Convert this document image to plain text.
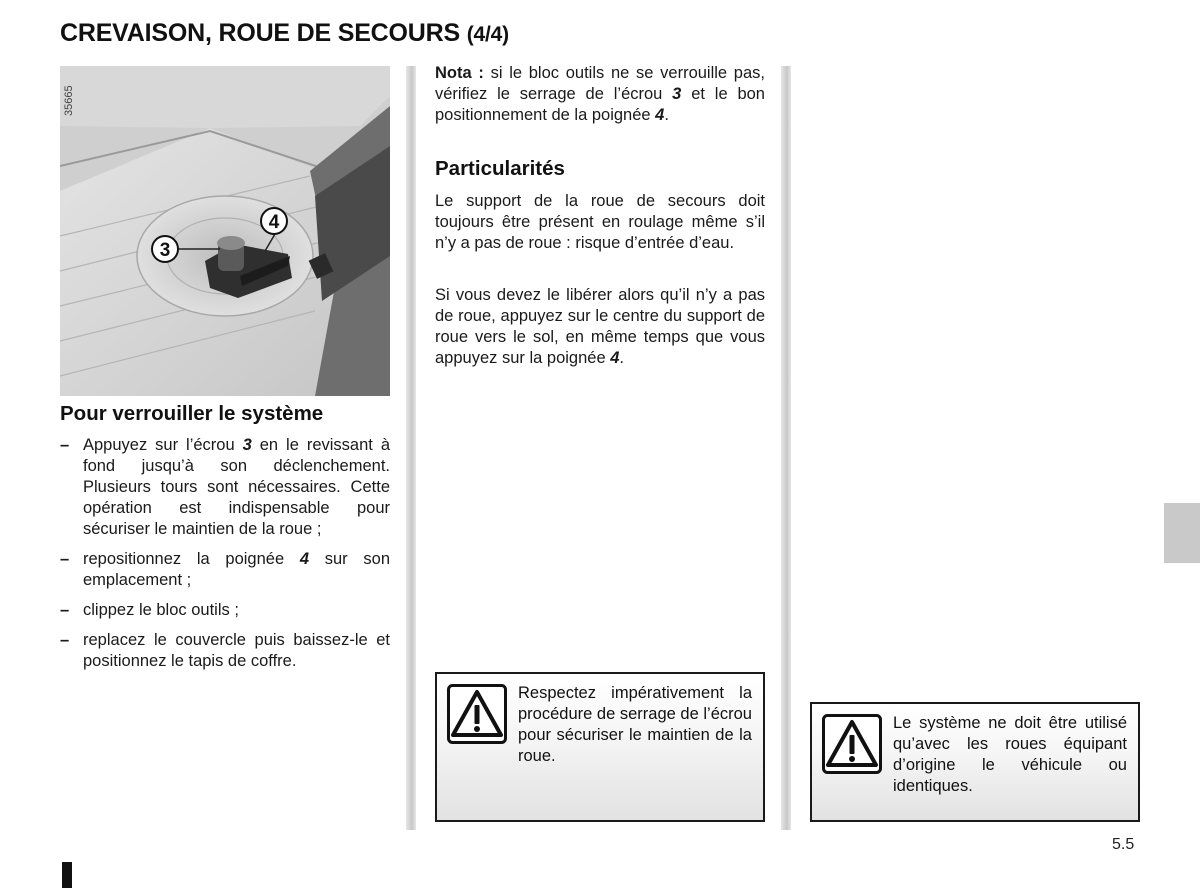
CREVAISON, ROUE DE SECOURS (4/4)
3
4
35665
Pour verrouiller le système
– Appuyez sur l’écrou 3 en le revissant à fond jusqu’à son déclenchement. Plusieurs tours sont nécessaires. Cette opération est indispensable pour sécuriser le maintien de la roue ;
– repositionnez la poignée 4 sur son emplacement ;
– clippez le bloc outils ;
– replacez le couvercle puis baissez-le et positionnez le tapis de coffre.

Nota : si le bloc outils ne se verrouille pas, vérifiez le serrage de l’écrou 3 et le bon positionnement de la poignée 4.

Particularités

Le support de la roue de secours doit toujours être présent en roulage même s’il n’y a pas de roue : risque d’entrée d’eau.

Si vous devez le libérer alors qu’il n’y a pas de roue, appuyez sur le centre du support de roue vers le sol, en même temps que vous appuyez sur la poignée 4.

Respectez impérativement la procédure de serrage de l’écrou pour sécuriser le maintien de la roue.
Le système ne doit être utilisé qu’avec les roues équipant d’origine le véhicule ou identiques.
5.5
